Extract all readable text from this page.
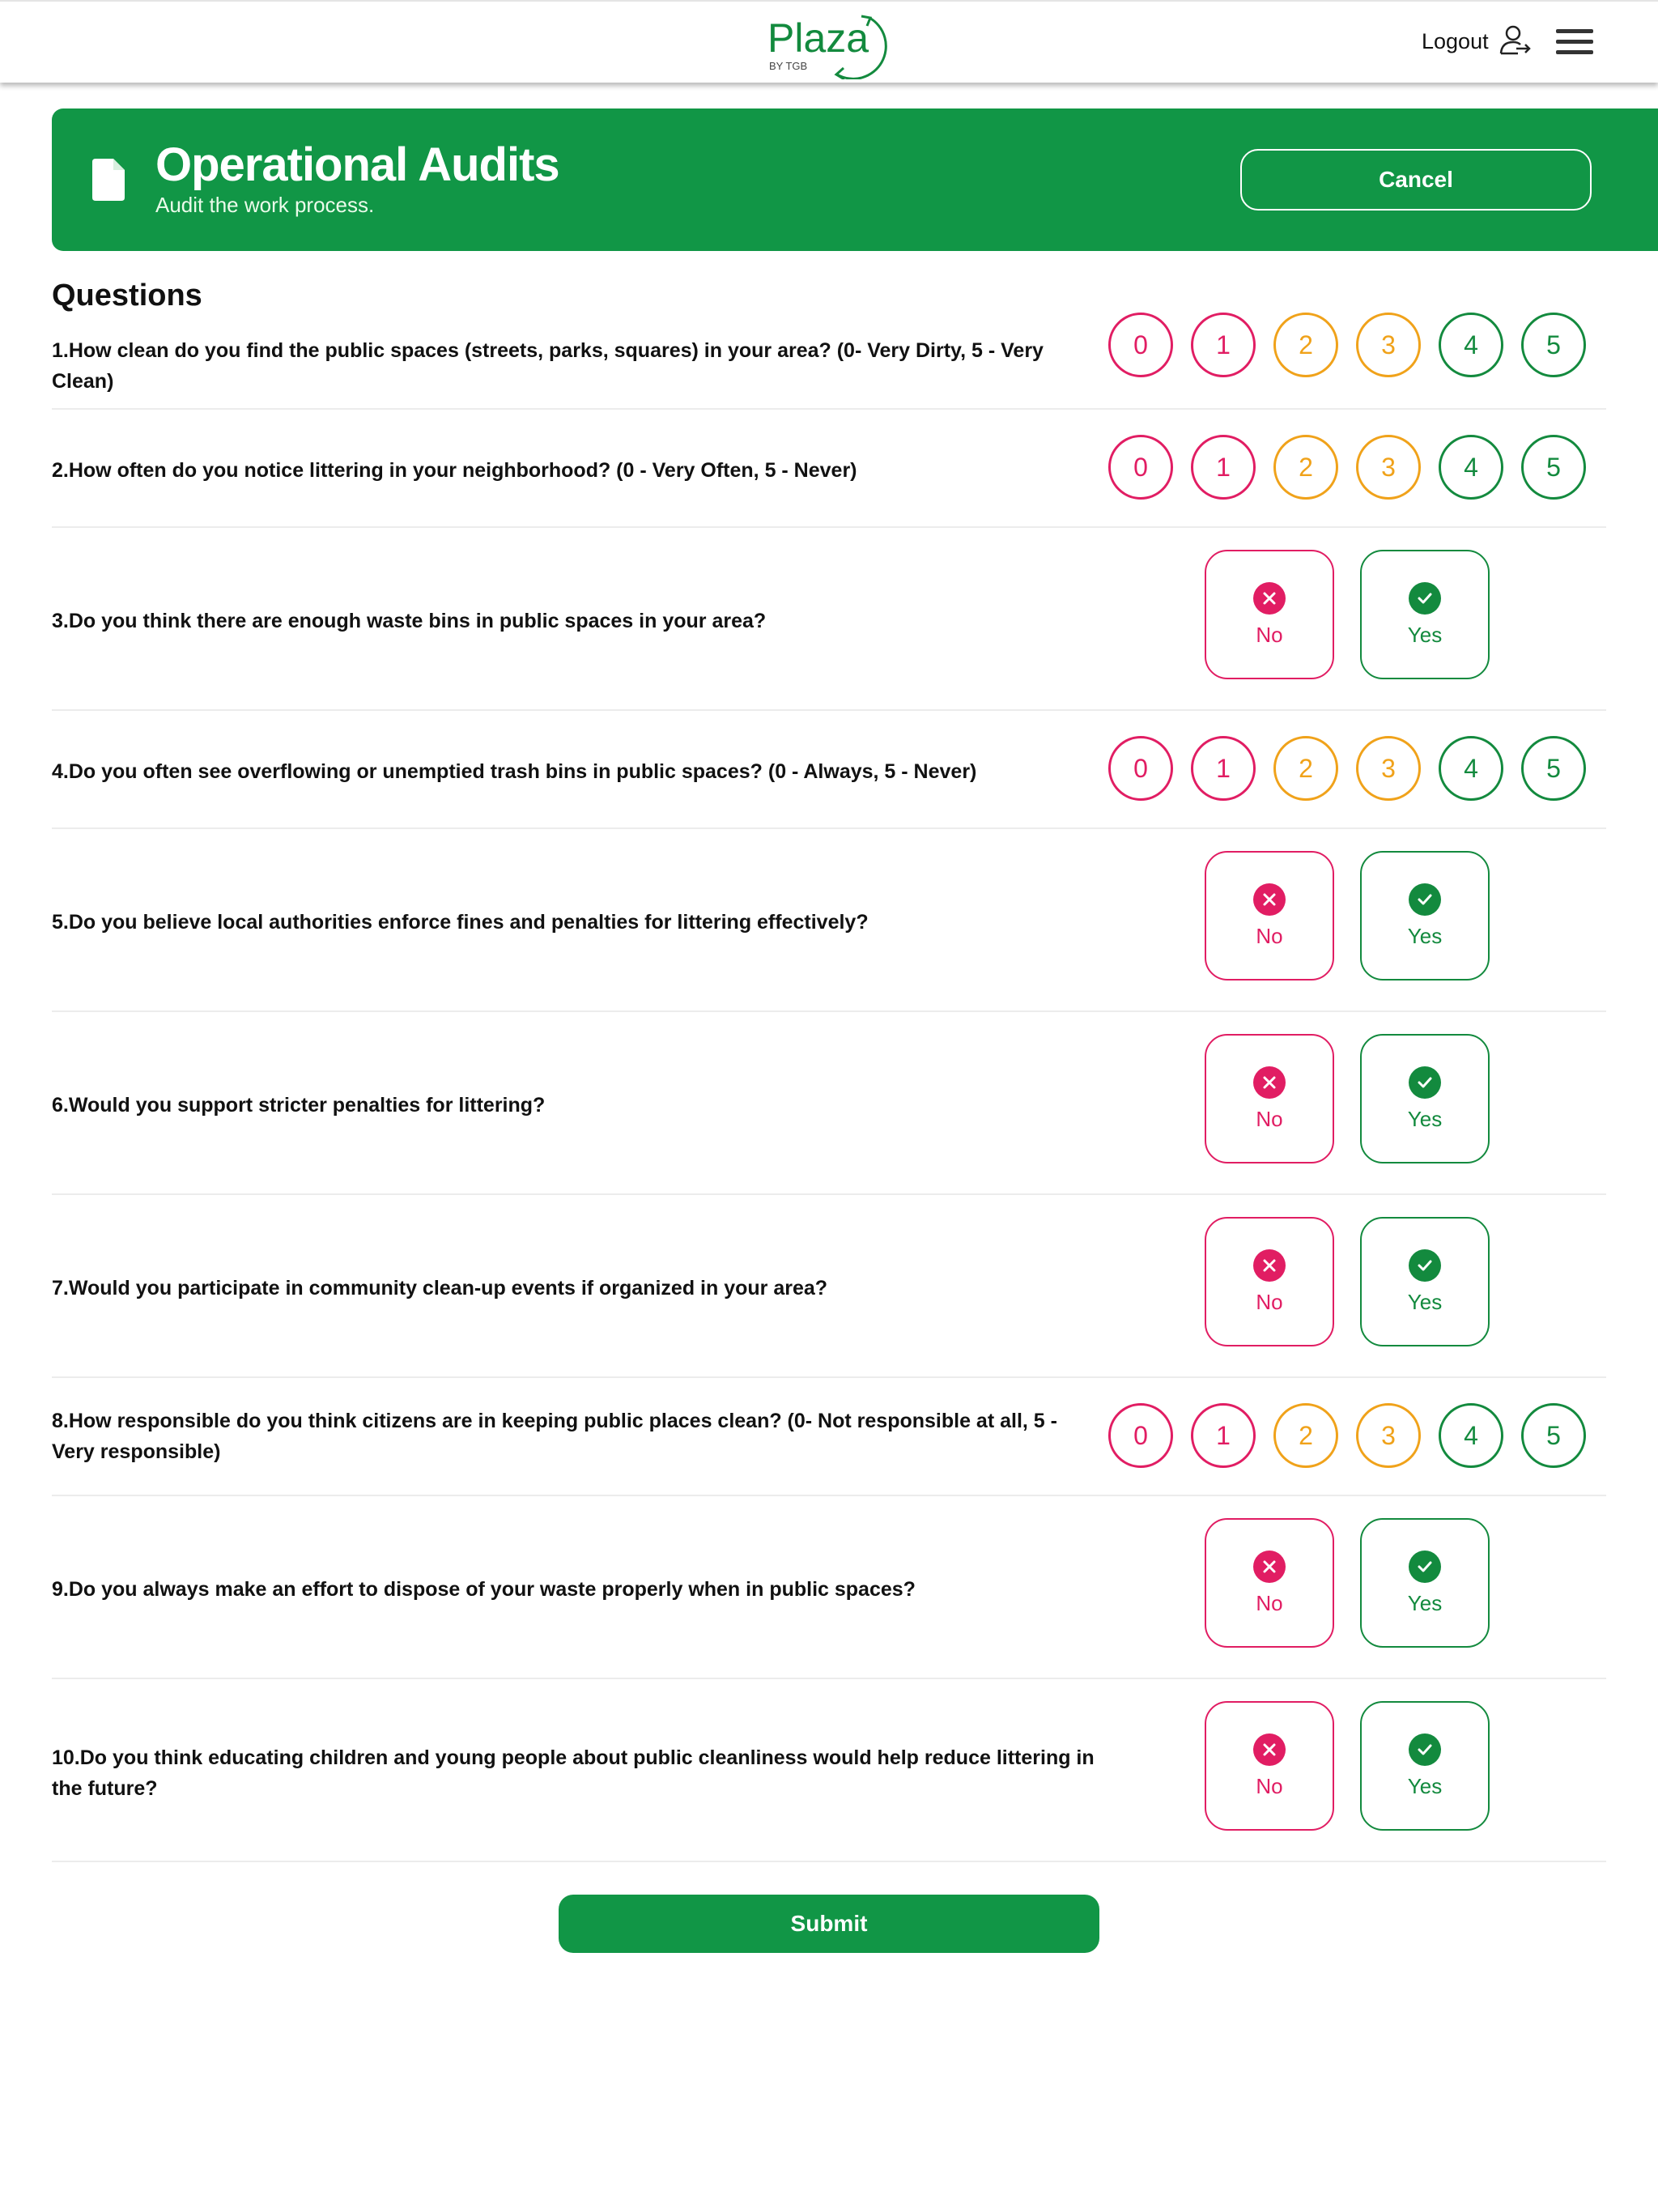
Plaza
BY TGB
Logout
Operational Audits
Audit the work process.
Cancel
Questions
1.How clean do you find the public spaces (streets, parks, squares) in your area? (0- Very Dirty, 5 - Very Clean)
0	1	2	3	4	5
2.How often do you notice littering in your neighborhood? (0 - Very Often, 5 - Never)	0	1	2	3	4	5
3.Do you think there are enough waste bins in public spaces in your area?
No	Yes
4.Do you often see overflowing or unemptied trash bins in public spaces? (0 - Always, 5 - Never)	0	1	2	3	4	5
5.Do you believe local authorities enforce fines and penalties for littering effectively?
No	Yes
6.Would you support stricter penalties for littering?
No	Yes
7.Would you participate in community clean-up events if organized in your area?
No	Yes
8.How responsible do you think citizens are in keeping public places clean? (0- Not responsible at all, 5 - Very responsible)
0	1	2	3	4	5
9.Do you always make an effort to dispose of your waste properly when in public spaces?
No	Yes
10.Do you think educating children and young people about public cleanliness would help reduce littering in the future?	No	Yes
Submit
